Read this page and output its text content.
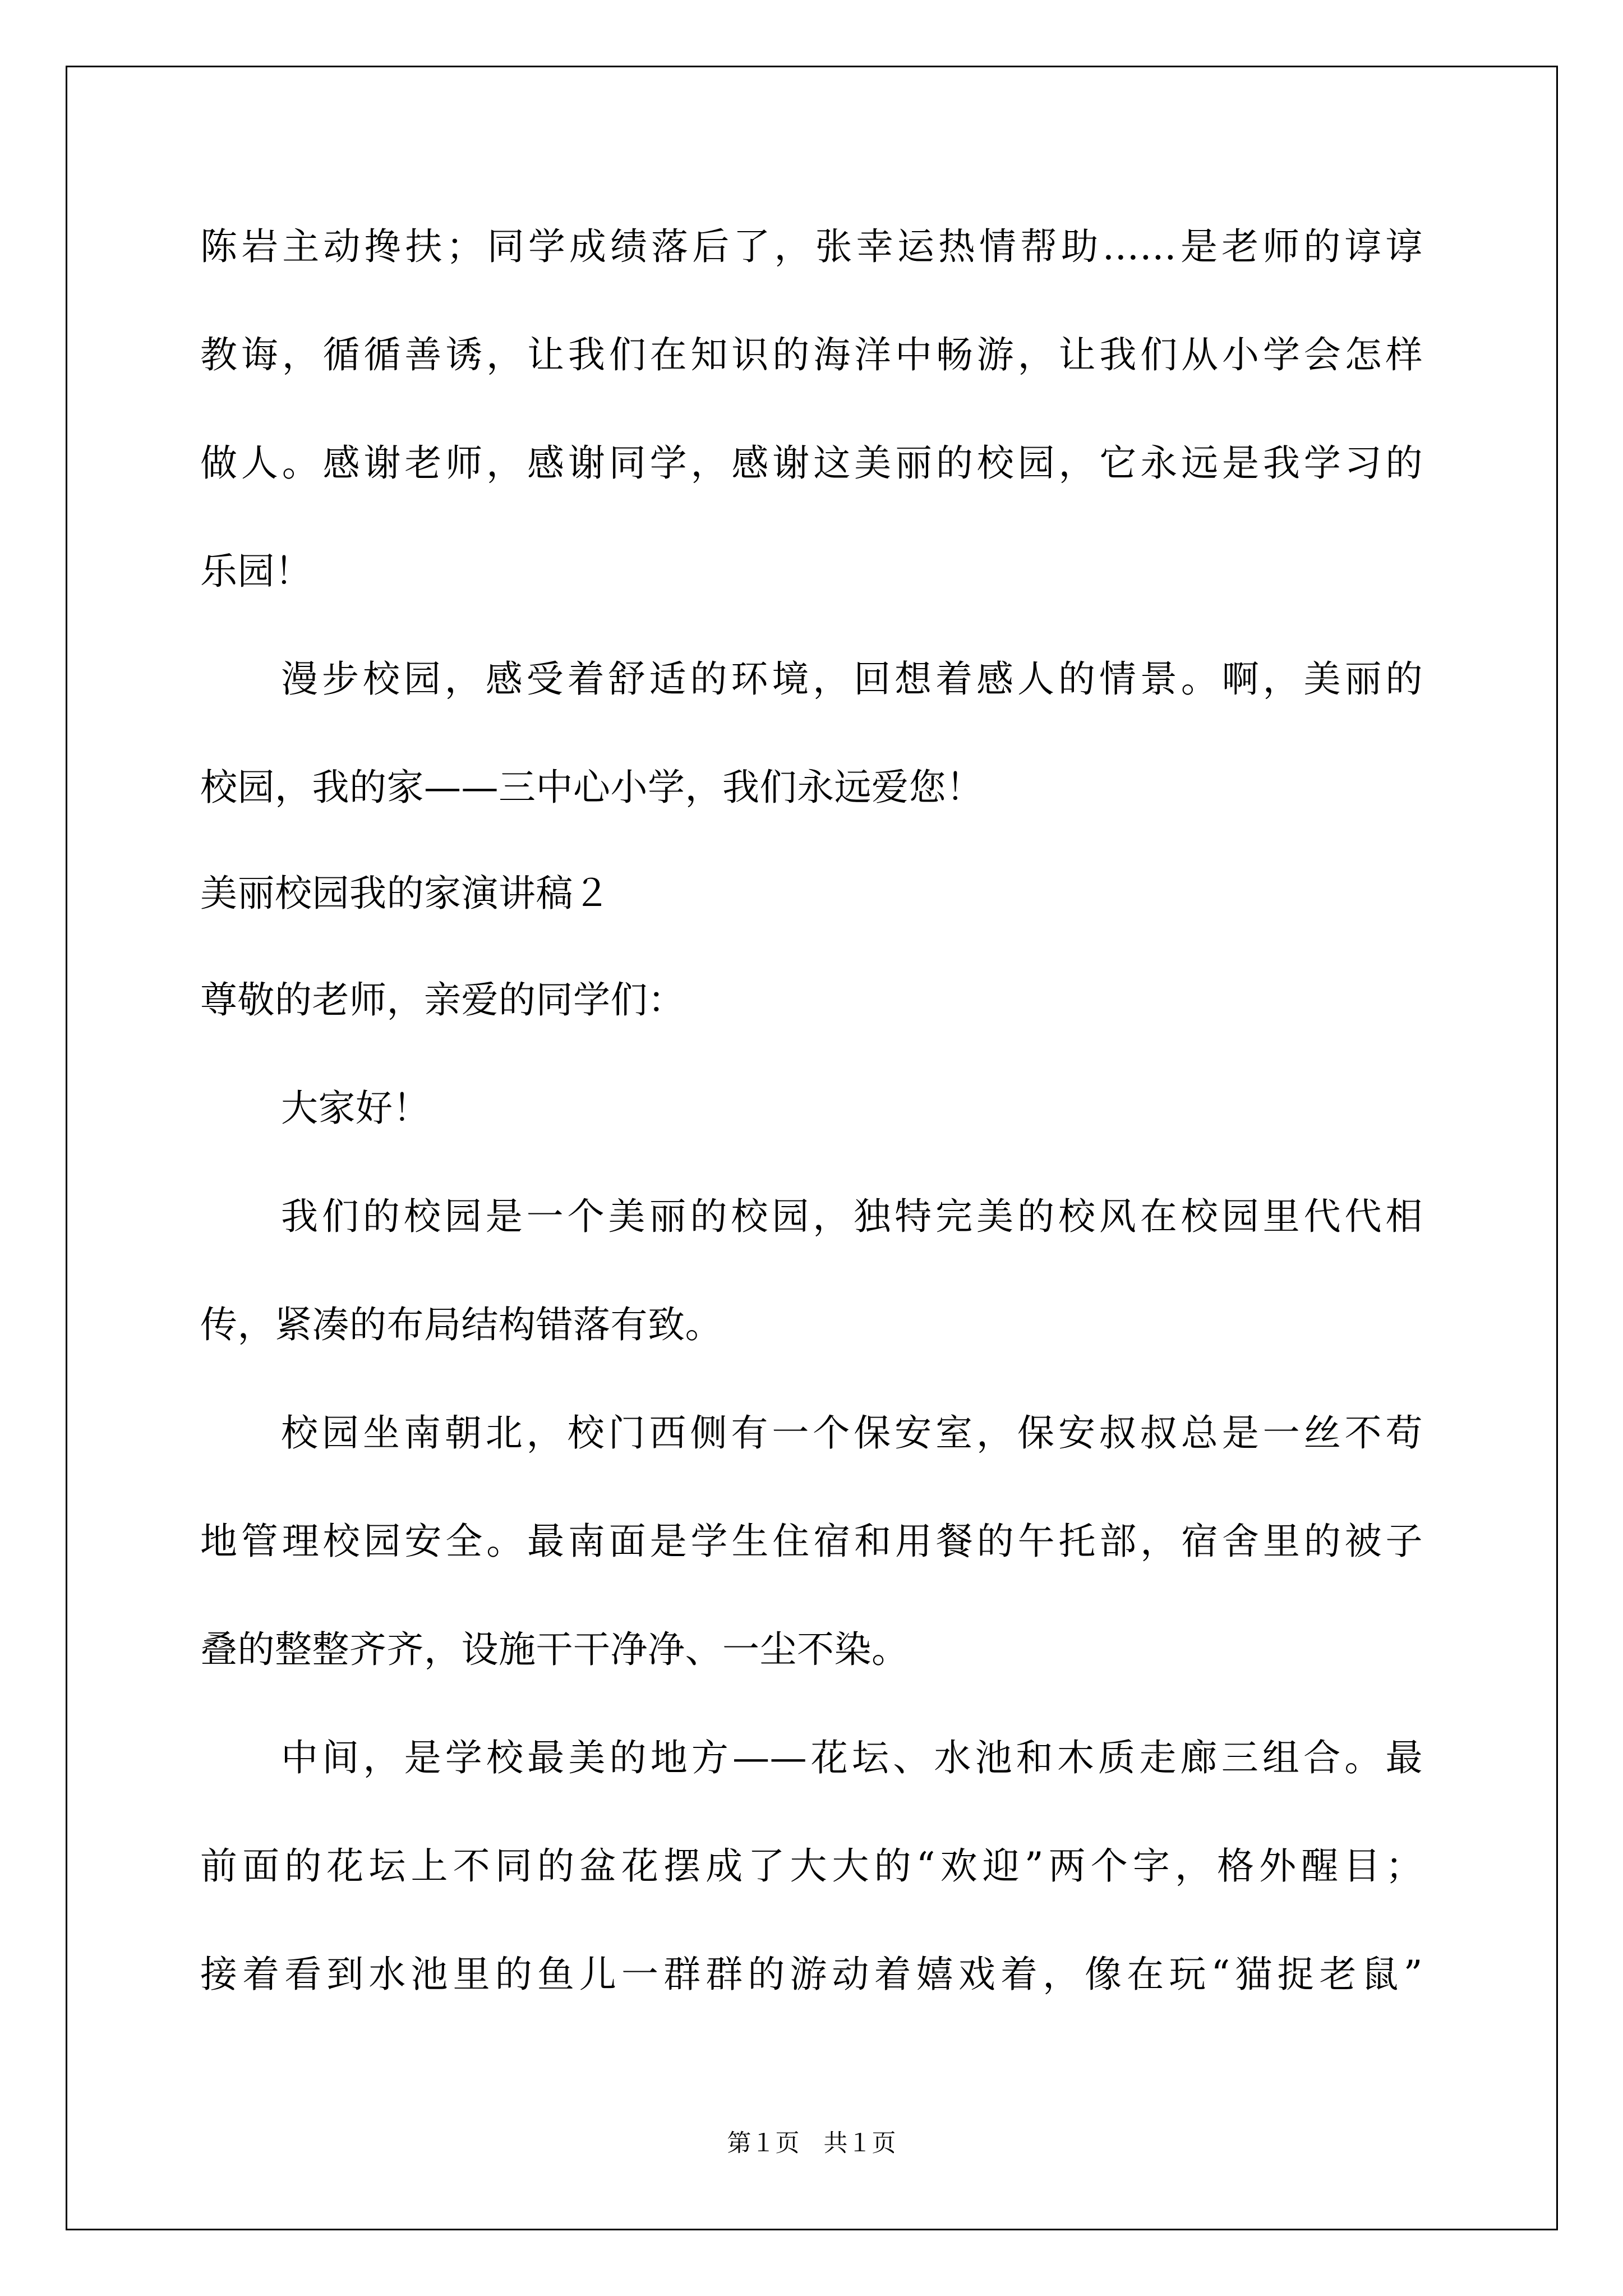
陈岩主动搀扶；同学成绩落后了，张幸运热情帮助……是老师的谆谆
教诲，循循善诱，让我们在知识的海洋中畅游，让我们从小学会怎样
做人。感谢老师，感谢同学，感谢这美丽的校园，它永远是我学习的
乐园！
漫步校园，感受着舒适的环境，回想着感人的情景。啊，美丽的
校园，我的家——三中心小学，我们永远爱您！
美丽校园我的家演讲稿２
尊敬的老师，亲爱的同学们：
大家好！
我们的校园是一个美丽的校园，独特完美的校风在校园里代代相
传，紧凑的布局结构错落有致。
校园坐南朝北，校门西侧有一个保安室，保安叔叔总是一丝不苟
地管理校园安全。最南面是学生住宿和用餐的午托部，宿舍里的被子
叠的整整齐齐，设施干干净净、一尘不染。
中间，是学校最美的地方——花坛、水池和木质走廊三组合。最
前面的花坛上不同的盆花摆成了大大的“欢迎”两个字，格外醒目；
接着看到水池里的鱼儿一群群的游动着嬉戏着，像在玩“猫捉老鼠”
第１页　共１页
